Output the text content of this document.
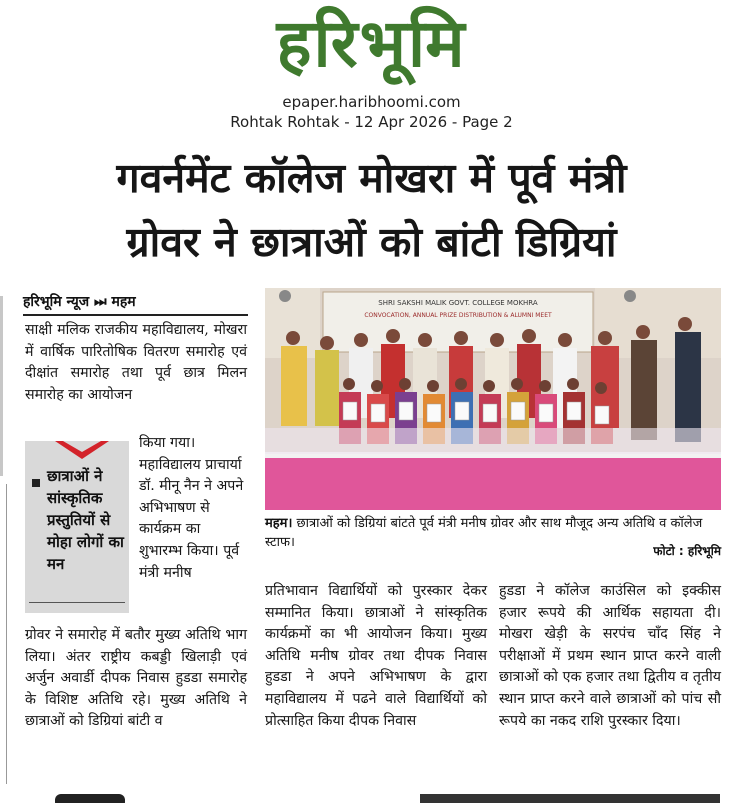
हरिभूमि
epaper.haribhoomi.com
Rohtak Rohtak - 12 Apr 2026 - Page 2
गवर्नमेंट कॉलेज मोखरा में पूर्व मंत्री
ग्रोवर ने छात्राओं को बांटी डिग्रियां
हरिभूमि न्यूज ⏭ महम
साक्षी मलिक राजकीय महाविद्यालय, मोखरा में वार्षिक पारितोषिक वितरण समारोह एवं दीक्षांत समारोह तथा पूर्व छात्र मिलन समारोह का आयोजन
छात्राओं ने सांस्कृतिक प्रस्तुतियों से मोहा लोगों का मन
किया गया। महाविद्यालय प्राचार्या डॉ. मीनू नैन ने अपने अभिभाषण से कार्यक्रम का शुभारम्भ किया। पूर्व मंत्री मनीष
ग्रोवर ने समारोह में बतौर मुख्य अतिथि भाग लिया। अंतर राष्ट्रीय कबड्डी खिलाड़ी एवं अर्जुन अवार्डी दीपक निवास हुडडा समारोह के विशिष्ट अतिथि रहे। मुख्य अतिथि ने छात्राओं को डिग्रियां बांटी व
SHRI SAKSHI MALIK GOVT. COLLEGE MOKHRA
CONVOCATION, ANNUAL PRIZE DISTRIBUTION & ALUMNI MEET
महम। छात्राओं को डिग्रियां बांटते पूर्व मंत्री मनीष ग्रोवर और साथ मौजूद अन्य अतिथि व कॉलेज स्टाफ।
फोटो : हरिभूमि
प्रतिभावान विद्यार्थियों को पुरस्कार देकर सम्मानित किया। छात्राओं ने सांस्कृतिक कार्यक्रमों का भी आयोजन किया। मुख्य अतिथि मनीष ग्रोवर तथा दीपक निवास हुडडा ने अपने अभिभाषण के द्वारा महाविद्यालय में पढने वाले विद्यार्थियों को प्रोत्साहित किया दीपक निवास
हुडडा ने कॉलेज काउंसिल को इक्कीस हजार रूपये की आर्थिक सहायता दी। मोखरा खेड़ी के सरपंच चाँद सिंह ने परीक्षाओं में प्रथम स्थान प्राप्त करने वाली छात्राओं को एक हजार तथा द्वितीय व तृतीय स्थान प्राप्त करने वाले छात्राओं को पांच सौ रूपये का नकद राशि पुरस्कार दिया।
